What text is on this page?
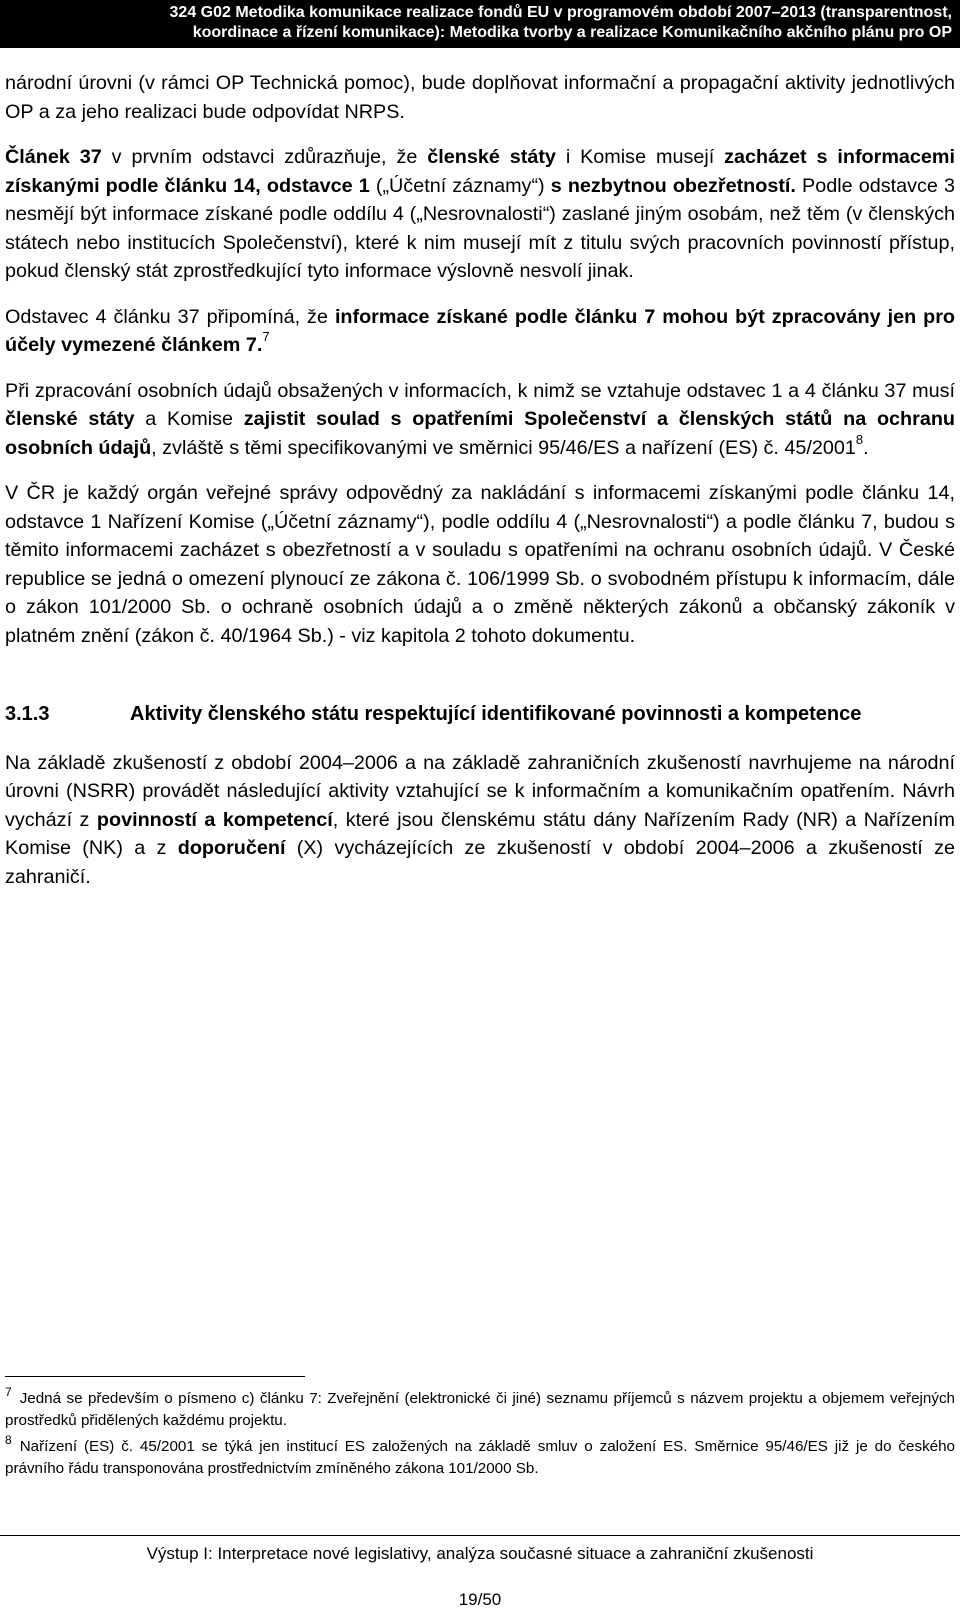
324 G02 Metodika komunikace realizace fondů EU v programovém období 2007–2013 (transparentnost,
koordinace a řízení komunikace): Metodika tvorby a realizace Komunikačního akčního plánu pro OP

národní úrovni (v rámci OP Technická pomoc), bude doplňovat informační a propagační aktivity jednotlivých OP a za jeho realizaci bude odpovídat NRPS.

Článek 37 v prvním odstavci zdůrazňuje, že členské státy i Komise musejí zacházet s informacemi získanými podle článku 14, odstavce 1 („Účetní záznamy“) s nezbytnou obezřetností. Podle odstavce 3 nesmějí být informace získané podle oddílu 4 („Nesrovnalosti“) zaslané jiným osobám, než těm (v členských státech nebo institucích Společenství), které k nim musejí mít z titulu svých pracovních povinností přístup, pokud členský stát zprostředkující tyto informace výslovně nesvolí jinak.

Odstavec 4 článku 37 připomíná, že informace získané podle článku 7 mohou být zpracovány jen pro účely vymezené článkem 7.$^7$

Při zpracování osobních údajů obsažených v informacích, k nimž se vztahuje odstavec 1 a 4 článku 37 musí členské státy a Komise zajistit soulad s opatřeními Společenství a členských států na ochranu osobních údajů, zvláště s těmi specifikovanými ve směrnici 95/46/ES a nařízení (ES) č. 45/2001$^8$.

V ČR je každý orgán veřejné správy odpovědný za nakládání s informacemi získanými podle článku 14, odstavce 1 Nařízení Komise („Účetní záznamy“), podle oddílu 4 („Nesrovnalosti“) a podle článku 7, budou s těmito informacemi zacházet s obezřetností a v souladu s opatřeními na ochranu osobních údajů. V České republice se jedná o omezení plynoucí ze zákona č. 106/1999 Sb. o svobodném přístupu k informacím, dále o zákon 101/2000 Sb. o ochraně osobních údajů a o změně některých zákonů a občanský zákoník v platném znění (zákon č. 40/1964 Sb.) - viz kapitola 2 tohoto dokumentu.

3.1.3	Aktivity členského státu respektující identifikované povinnosti a kompetence

Na základě zkušeností z období 2004–2006 a na základě zahraničních zkušeností navrhujeme na národní úrovni (NSRR) provádět následující aktivity vztahující se k informačním a komunikačním opatřením. Návrh vychází z povinností a kompetencí, které jsou členskému státu dány Nařízením Rady (NR) a Nařízením Komise (NK) a z doporučení (X) vycházejících ze zkušeností v období 2004–2006 a zkušeností ze zahraničí.

$^7$ Jedná se především o písmeno c) článku 7: Zveřejnění (elektronické či jiné) seznamu příjemců s názvem projektu a objemem veřejných prostředků přidělených každému projektu.
$^8$ Nařízení (ES) č. 45/2001 se týká jen institucí ES založených na základě smluv o založení ES. Směrnice 95/46/ES již je do českého právního řádu transponována prostřednictvím zmíněného zákona 101/2000 Sb.
Výstup I: Interpretace nové legislativy, analýza současné situace a zahraniční zkušenosti
19/50
